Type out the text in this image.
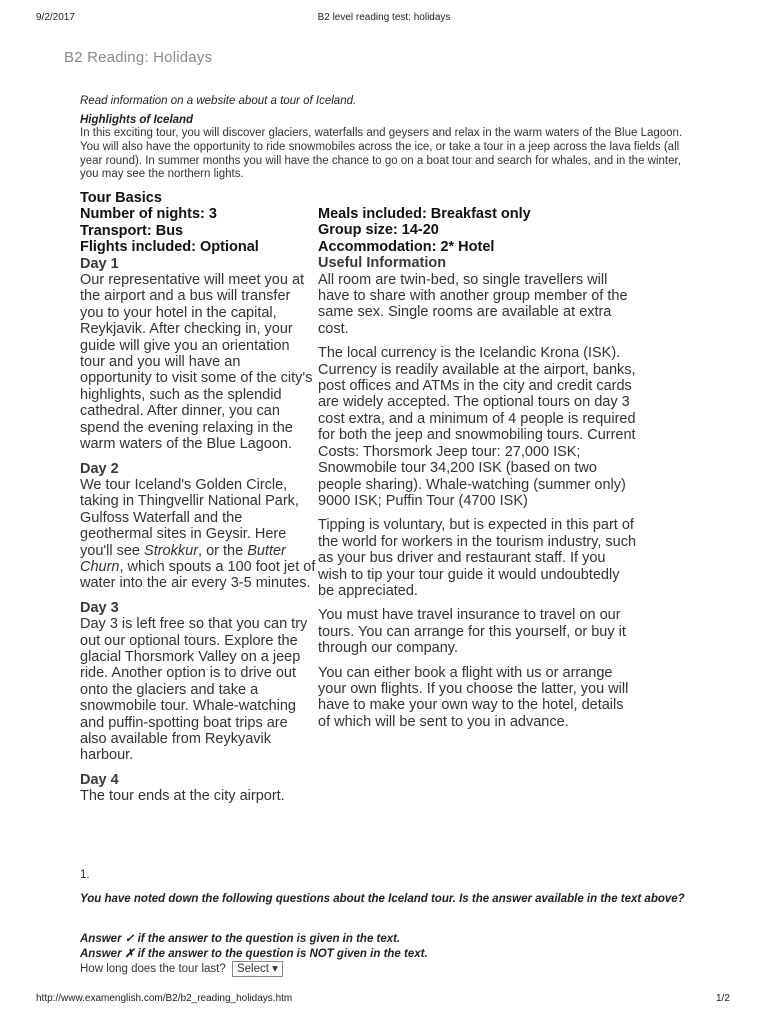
9/2/2017	B2 level reading test: holidays
B2 Reading: Holidays
Read information on a website about a tour of Iceland.
Highlights of Iceland
In this exciting tour, you will discover glaciers, waterfalls and geysers and relax in the warm waters of the Blue Lagoon. You will also have the opportunity to ride snowmobiles across the ice, or take a tour in a jeep across the lava fields (all year round). In summer months you will have the chance to go on a boat tour and search for whales, and in the winter, you may see the northern lights.

Tour Basics

Number of nights: 3

Transport: Bus

Flights included: Optional

Day 1

Our representative will meet you at the airport and a bus will transfer you to your hotel in the capital, Reykjavik. After checking in, your guide will give you an orientation tour and you will have an opportunity to visit some of the city's highlights, such as the splendid cathedral. After dinner, you can spend the evening relaxing in the warm waters of the Blue Lagoon.

Day 2

We tour Iceland's Golden Circle, taking in Thingvellir National Park, Gulfoss Waterfall and the geothermal sites in Geysir. Here you'll see Strokkur, or the Butter Churn, which spouts a 100 foot jet of water into the air every 3-5 minutes.

Day 3

Day 3 is left free so that you can try out our optional tours. Explore the glacial Thorsmork Valley on a jeep ride. Another option is to drive out onto the glaciers and take a snowmobile tour. Whale-watching and puffin-spotting boat trips are also available from Reykyavik harbour.

Day 4

The tour ends at the city airport.

Meals included: Breakfast only

Group size: 14-20

Accommodation: 2* Hotel

Useful Information

All room are twin-bed, so single travellers will have to share with another group member of the same sex. Single rooms are available at extra cost.

The local currency is the Icelandic Krona (ISK). Currency is readily available at the airport, banks, post offices and ATMs in the city and credit cards are widely accepted. The optional tours on day 3 cost extra, and a minimum of 4 people is required for both the jeep and snowmobiling tours. Current Costs: Thorsmork Jeep tour: 27,000 ISK; Snowmobile tour 34,200 ISK (based on two people sharing). Whale-watching (summer only) 9000 ISK; Puffin Tour (4700 ISK)

Tipping is voluntary, but is expected in this part of the world for workers in the tourism industry, such as your bus driver and restaurant staff. If you wish to tip your tour guide it would undoubtedly be appreciated.

You must have travel insurance to travel on our tours. You can arrange for this yourself, or buy it through our company.

You can either book a flight with us or arrange your own flights. If you choose the latter, you will have to make your own way to the hotel, details of which will be sent to you in advance.

1.
You have noted down the following questions about the Iceland tour. Is the answer available in the text above?
Answer ✓ if the answer to the question is given in the text.
Answer ✗ if the answer to the question is NOT given in the text.
How long does the tour last? Select ▾
http://www.examenglish.com/B2/b2_reading_holidays.htm	1/2
